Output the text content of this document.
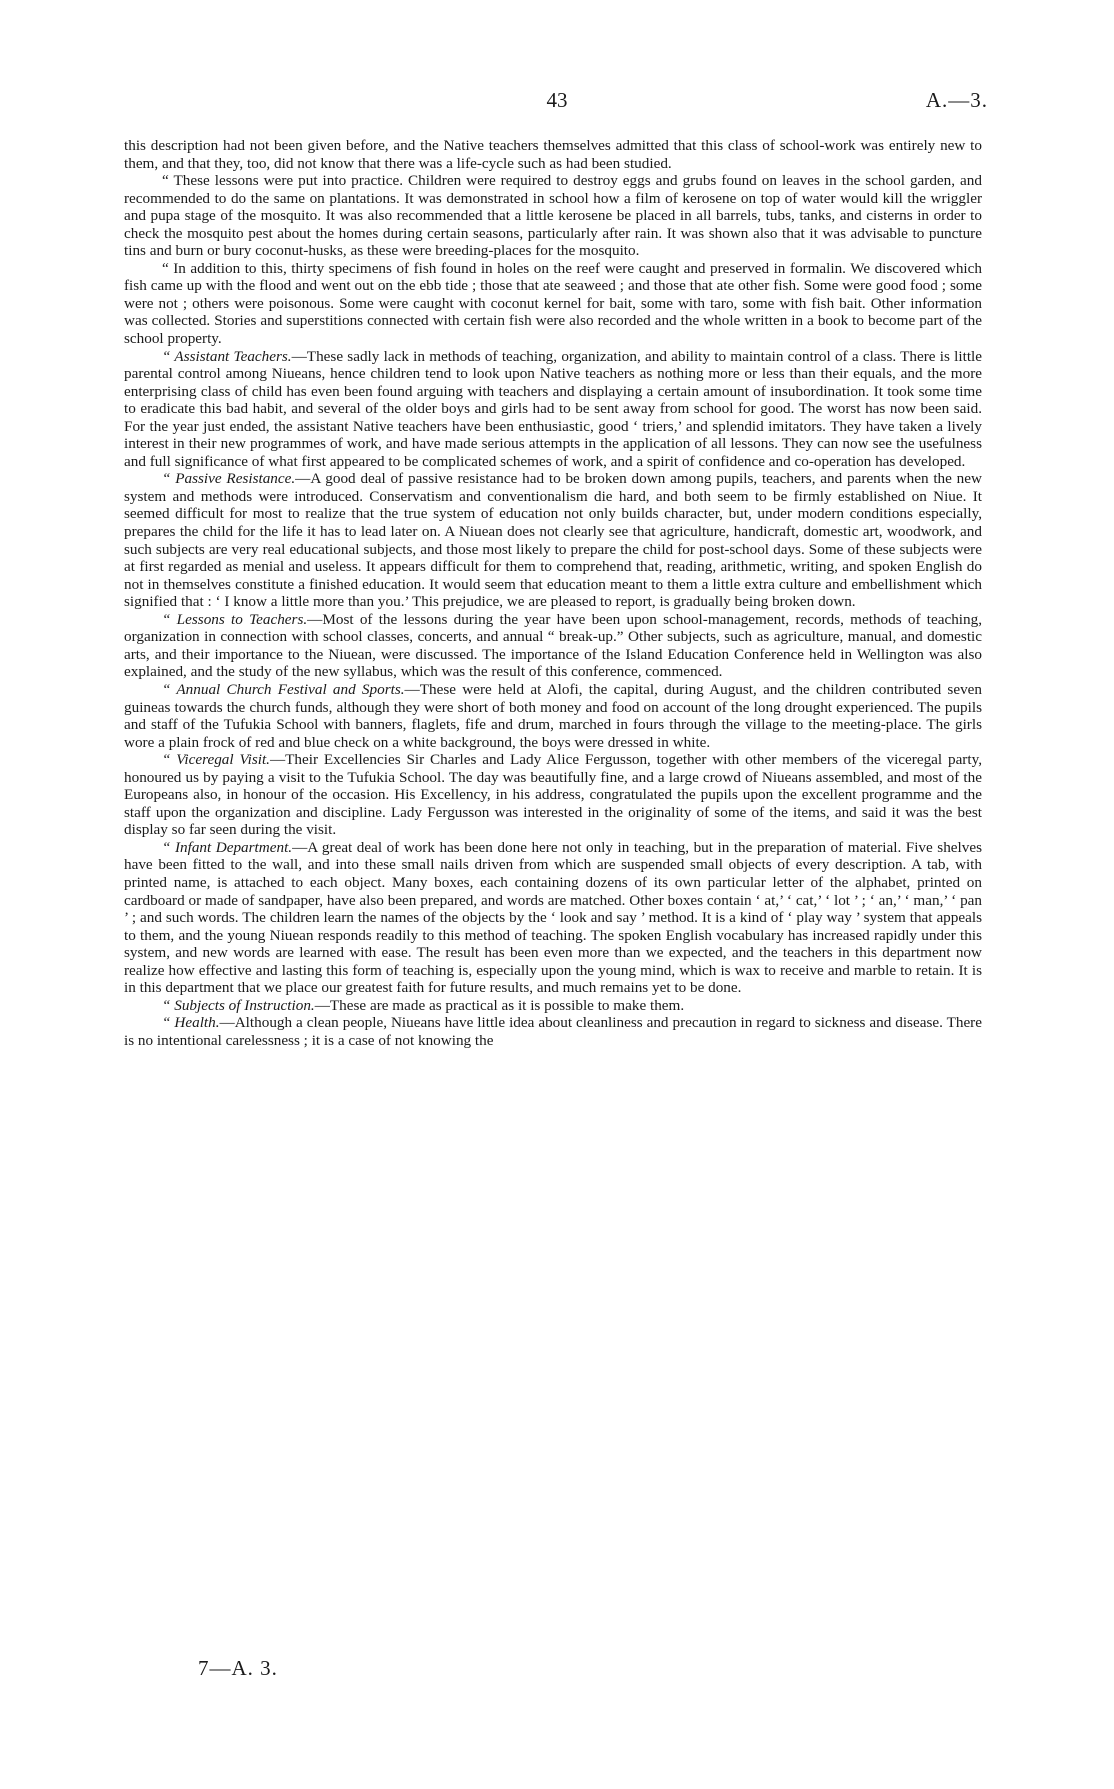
43	A.—3.

this description had not been given before, and the Native teachers themselves admitted that this class of school-work was entirely new to them, and that they, too, did not know that there was a life-cycle such as had been studied.

“ These lessons were put into practice. Children were required to destroy eggs and grubs found on leaves in the school garden, and recommended to do the same on plantations. It was demonstrated in school how a film of kerosene on top of water would kill the wriggler and pupa stage of the mosquito. It was also recommended that a little kerosene be placed in all barrels, tubs, tanks, and cisterns in order to check the mosquito pest about the homes during certain seasons, particularly after rain. It was shown also that it was advisable to puncture tins and burn or bury coconut-husks, as these were breeding-places for the mosquito.

“ In addition to this, thirty specimens of fish found in holes on the reef were caught and preserved in formalin. We discovered which fish came up with the flood and went out on the ebb tide ; those that ate seaweed ; and those that ate other fish. Some were good food ; some were not ; others were poisonous. Some were caught with coconut kernel for bait, some with taro, some with fish bait. Other information was collected. Stories and superstitions connected with certain fish were also recorded and the whole written in a book to become part of the school property.

“ Assistant Teachers.—These sadly lack in methods of teaching, organization, and ability to maintain control of a class. There is little parental control among Niueans, hence children tend to look upon Native teachers as nothing more or less than their equals, and the more enterprising class of child has even been found arguing with teachers and displaying a certain amount of insubordination. It took some time to eradicate this bad habit, and several of the older boys and girls had to be sent away from school for good. The worst has now been said. For the year just ended, the assistant Native teachers have been enthusiastic, good ‘ triers,’ and splendid imitators. They have taken a lively interest in their new programmes of work, and have made serious attempts in the application of all lessons. They can now see the usefulness and full significance of what first appeared to be complicated schemes of work, and a spirit of confidence and co-operation has developed.

“ Passive Resistance.—A good deal of passive resistance had to be broken down among pupils, teachers, and parents when the new system and methods were introduced. Conservatism and conventionalism die hard, and both seem to be firmly established on Niue. It seemed difficult for most to realize that the true system of education not only builds character, but, under modern conditions especially, prepares the child for the life it has to lead later on. A Niuean does not clearly see that agriculture, handicraft, domestic art, woodwork, and such subjects are very real educational subjects, and those most likely to prepare the child for post-school days. Some of these subjects were at first regarded as menial and useless. It appears difficult for them to comprehend that, reading, arithmetic, writing, and spoken English do not in themselves constitute a finished education. It would seem that education meant to them a little extra culture and embellishment which signified that : ‘ I know a little more than you.’ This prejudice, we are pleased to report, is gradually being broken down.

“ Lessons to Teachers.—Most of the lessons during the year have been upon school-management, records, methods of teaching, organization in connection with school classes, concerts, and annual “ break-up.” Other subjects, such as agriculture, manual, and domestic arts, and their importance to the Niuean, were discussed. The importance of the Island Education Conference held in Wellington was also explained, and the study of the new syllabus, which was the result of this conference, commenced.

“ Annual Church Festival and Sports.—These were held at Alofi, the capital, during August, and the children contributed seven guineas towards the church funds, although they were short of both money and food on account of the long drought experienced. The pupils and staff of the Tufukia School with banners, flaglets, fife and drum, marched in fours through the village to the meeting-place. The girls wore a plain frock of red and blue check on a white background, the boys were dressed in white.

“ Viceregal Visit.—Their Excellencies Sir Charles and Lady Alice Fergusson, together with other members of the viceregal party, honoured us by paying a visit to the Tufukia School. The day was beautifully fine, and a large crowd of Niueans assembled, and most of the Europeans also, in honour of the occasion. His Excellency, in his address, congratulated the pupils upon the excellent programme and the staff upon the organization and discipline. Lady Fergusson was interested in the originality of some of the items, and said it was the best display so far seen during the visit.

“ Infant Department.—A great deal of work has been done here not only in teaching, but in the preparation of material. Five shelves have been fitted to the wall, and into these small nails driven from which are suspended small objects of every description. A tab, with printed name, is attached to each object. Many boxes, each containing dozens of its own particular letter of the alphabet, printed on cardboard or made of sandpaper, have also been prepared, and words are matched. Other boxes contain ‘ at,’ ‘ cat,’ ‘ lot ’ ; ‘ an,’ ‘ man,’ ‘ pan ’ ; and such words. The children learn the names of the objects by the ‘ look and say ’ method. It is a kind of ‘ play way ’ system that appeals to them, and the young Niuean responds readily to this method of teaching. The spoken English vocabulary has increased rapidly under this system, and new words are learned with ease. The result has been even more than we expected, and the teachers in this department now realize how effective and lasting this form of teaching is, especially upon the young mind, which is wax to receive and marble to retain. It is in this department that we place our greatest faith for future results, and much remains yet to be done.

“ Subjects of Instruction.—These are made as practical as it is possible to make them.

“ Health.—Although a clean people, Niueans have little idea about cleanliness and precaution in regard to sickness and disease. There is no intentional carelessness ; it is a case of not knowing the

7—A. 3.
